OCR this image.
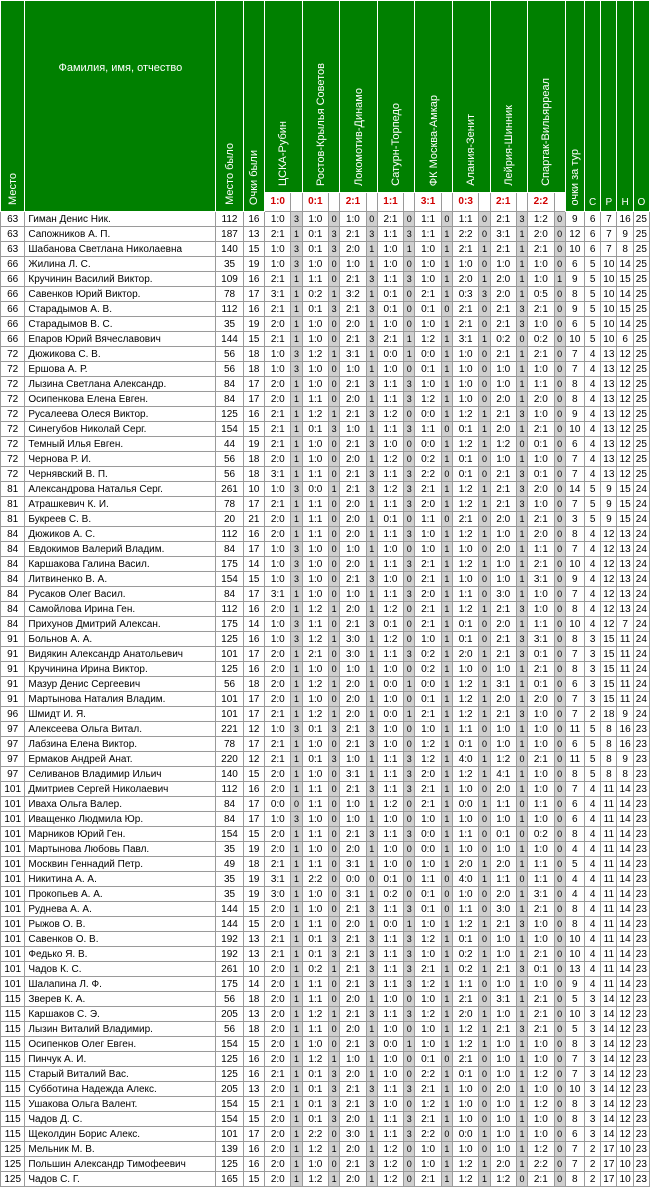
Место	Фамилия, имя, отчество	Место было	Очки были	ЦСКА-Рубин		Ростов-Крылья Советов		Локомотив-Динамо		Сатурн-Торпедо		ФК Москва-Амкар		Алания-Зенит		Лейрия-Шинник		Спартак-Вильярреал		очки за тур	С	Р	Н	О
				1:0		0:1		2:1		1:1		3:1		0:3		2:1		2:2						
63	Гиман Денис Ник.	112	16	1:0	3	1:0	0	1:0	0	2:1	0	1:1	0	1:1	0	2:1	3	1:2	0	9	6	7	16	25
63	Сапожников А. П.	187	13	2:1	1	0:1	3	2:1	3	1:1	3	1:1	1	2:2	0	3:1	1	2:0	0	12	6	7	9	25
63	Шабанова Светлана Николаевна	140	15	1:0	3	0:1	3	2:0	1	1:0	1	1:0	1	2:1	1	2:1	1	2:1	0	10	6	7	8	25
66	Жилина Л. С.	35	19	1:0	3	1:0	0	1:0	1	1:0	0	1:0	1	1:0	0	1:0	1	1:0	0	6	5	10	14	25
66	Кручинин Василий Виктор.	109	16	2:1	1	1:1	0	2:1	3	1:1	3	1:0	1	2:0	1	2:0	1	1:0	1	9	5	10	15	25
66	Савенков Юрий Виктор.	78	17	3:1	1	0:2	1	3:2	1	0:1	0	2:1	1	0:3	3	2:0	1	0:5	0	8	5	10	14	25
66	Старадымов А. В.	112	16	2:1	1	0:1	3	2:1	3	0:1	0	0:1	0	2:1	0	2:1	3	2:1	0	9	5	10	15	25
66	Старадымов В. С.	35	19	2:0	1	1:0	0	2:0	1	1:0	0	1:0	1	2:1	0	2:1	3	1:0	0	6	5	10	14	25
66	Епаров Юрий Вячеславович	144	15	2:1	1	1:0	0	2:1	3	2:1	1	1:2	1	3:1	1	0:2	0	0:2	0	10	5	10	6	25
72	Дюжикова С. В.	56	18	1:0	3	1:2	1	3:1	1	0:0	1	0:0	1	1:0	0	2:1	1	2:1	0	7	4	13	12	25
72	Ершова А. Р.	56	18	1:0	3	1:0	0	1:0	1	1:0	0	0:1	1	1:0	0	1:0	1	1:0	0	7	4	13	12	25
72	Лызина Светлана Александр.	84	17	2:0	1	1:0	0	2:1	3	1:1	3	1:0	1	1:0	0	1:0	1	1:1	0	8	4	13	12	25
72	Осипенкова Елена Евген.	84	17	2:0	1	1:1	0	2:0	1	1:1	3	1:2	1	1:0	0	2:0	1	2:0	0	8	4	13	12	25
72	Русалеева Олеся Виктор.	125	16	2:1	1	1:2	1	2:1	3	1:2	0	0:0	1	1:2	1	2:1	3	1:0	0	9	4	13	12	25
72	Синегубов Николай Серг.	154	15	2:1	1	0:1	3	1:0	1	1:1	3	1:1	0	0:1	1	2:0	1	2:1	0	10	4	13	12	25
72	Темный Илья Евген.	44	19	2:1	1	1:0	0	2:1	3	1:0	0	0:0	1	1:2	1	1:2	0	0:1	0	6	4	13	12	25
72	Чернова Р. И.	56	18	2:0	1	1:0	0	2:0	1	1:2	0	0:2	1	0:1	0	1:0	1	1:0	0	7	4	13	12	25
72	Чернявский В. П.	56	18	3:1	1	1:1	0	2:1	3	1:1	3	2:2	0	0:1	0	2:1	3	0:1	0	7	4	13	12	25
81	Александрова Наталья Серг.	261	10	1:0	3	0:0	1	2:1	3	1:2	3	2:1	1	1:2	1	2:1	3	2:0	0	14	5	9	15	24
81	Атрашкевич К. И.	78	17	2:1	1	1:1	0	2:0	1	1:1	3	2:0	1	1:2	1	2:1	3	1:0	0	7	5	9	15	24
81	Букреев С. В.	20	21	2:0	1	1:1	0	2:0	1	0:1	0	1:1	0	2:1	0	2:0	1	2:1	0	3	5	9	15	24
84	Дюжиков А. С.	112	16	2:0	1	1:1	0	2:0	1	1:1	3	1:0	1	1:2	1	1:0	1	2:0	0	8	4	12	13	24
84	Евдокимов Валерий Владим.	84	17	1:0	3	1:0	0	1:0	1	1:0	0	1:0	1	1:0	0	2:0	1	1:1	0	7	4	12	13	24
84	Каршакова Галина Васил.	175	14	1:0	3	1:0	0	2:0	1	1:1	3	2:1	1	1:2	1	1:0	1	2:1	0	10	4	12	13	24
84	Литвиненко В. А.	154	15	1:0	3	1:0	0	2:1	3	1:0	0	2:1	1	1:0	0	1:0	1	3:1	0	9	4	12	13	24
84	Русаков Олег Васил.	84	17	3:1	1	1:0	0	1:0	1	1:1	3	2:0	1	1:1	0	3:0	1	1:0	0	7	4	12	13	24
84	Самойлова Ирина Ген.	112	16	2:0	1	1:2	1	2:0	1	1:2	0	2:1	1	1:2	1	2:1	3	1:0	0	8	4	12	13	24
84	Прихунов Дмитрий Алексан.	175	14	1:0	3	1:1	0	2:1	3	0:1	0	2:1	1	0:1	0	2:0	1	1:1	0	10	4	12	7	24
91	Больнов А. А.	125	16	1:0	3	1:2	1	3:0	1	1:2	0	1:0	1	0:1	0	2:1	3	3:1	0	8	3	15	11	24
91	Видякин Александр Анатольевич	101	17	2:0	1	2:1	0	3:0	1	1:1	3	0:2	1	2:0	1	2:1	3	0:1	0	7	3	15	11	24
91	Кручинина Ирина Виктор.	125	16	2:0	1	1:0	0	1:0	1	1:0	0	0:2	1	1:0	0	1:0	1	2:1	0	8	3	15	11	24
91	Мазур Денис Сергеевич	56	18	2:0	1	1:2	1	2:0	1	0:0	1	0:0	1	1:2	1	3:1	1	0:1	0	6	3	15	11	24
91	Мартынова Наталия Владим.	101	17	2:0	1	1:0	0	2:0	1	1:0	0	0:1	1	1:2	1	2:0	1	2:0	0	7	3	15	11	24
96	Шмидт И. Я.	101	17	2:1	1	1:2	1	2:0	1	0:0	1	2:1	1	1:2	1	2:1	3	1:0	0	7	2	18	9	24
97	Алексеева Ольга Витал.	221	12	1:0	3	0:1	3	2:1	3	1:0	0	1:0	1	1:1	0	1:0	1	1:0	0	11	5	8	16	23
97	Лабзина Елена Виктор.	78	17	2:1	1	1:0	0	2:1	3	1:0	0	1:2	1	0:1	0	1:0	1	1:0	0	6	5	8	16	23
97	Ермаков Андрей Анат.	220	12	2:1	1	0:1	3	1:0	1	1:1	3	1:2	1	4:0	1	1:2	0	2:1	0	11	5	8	9	23
97	Селиванов Владимир Ильич	140	15	2:0	1	1:0	0	3:1	1	1:1	3	2:0	1	1:2	1	4:1	1	1:0	0	8	5	8	8	23
101	Дмитриев Сергей Николаевич	112	16	2:0	1	1:1	0	2:1	3	1:1	3	2:1	1	1:0	0	2:0	1	1:0	0	7	4	11	14	23
101	Иваха Ольга Валер.	84	17	0:0	0	1:1	0	1:0	1	1:2	0	2:1	1	0:0	1	1:1	0	1:1	0	6	4	11	14	23
101	Иващенко Людмила Юр.	84	17	1:0	3	1:0	0	1:0	1	1:0	0	1:0	1	1:0	0	1:0	1	1:0	0	6	4	11	14	23
101	Марников Юрий Ген.	154	15	2:0	1	1:1	0	2:1	3	1:1	3	0:0	1	1:1	0	0:1	0	0:2	0	8	4	11	14	23
101	Мартынова Любовь Павл.	35	19	2:0	1	1:0	0	2:0	1	1:0	0	0:0	1	1:0	0	1:0	1	1:0	0	4	4	11	14	23
101	Москвин Геннадий Петр.	49	18	2:1	1	1:1	0	3:1	1	1:0	0	1:0	1	2:0	1	2:0	1	1:1	0	5	4	11	14	23
101	Никитина А. А.	35	19	3:1	1	2:2	0	0:0	0	0:1	0	1:1	0	4:0	1	1:1	0	1:1	0	4	4	11	14	23
101	Прокопьев А. А.	35	19	3:0	1	1:0	0	3:1	1	0:2	0	0:1	0	1:0	0	2:0	1	3:1	0	4	4	11	14	23
101	Руднева А. А.	144	15	2:0	1	1:0	0	2:1	3	1:1	3	0:1	0	1:1	0	3:0	1	2:1	0	8	4	11	14	23
101	Рыжов О. В.	144	15	2:0	1	1:1	0	2:0	1	0:0	1	1:0	1	1:2	1	2:1	3	1:0	0	8	4	11	14	23
101	Савенков О. В.	192	13	2:1	1	0:1	3	2:1	3	1:1	3	1:2	1	0:1	0	1:0	1	1:0	0	10	4	11	14	23
101	Федько Я. В.	192	13	2:1	1	0:1	3	2:1	3	1:1	3	1:0	1	0:2	1	1:0	1	2:1	0	10	4	11	14	23
101	Чадов К. С.	261	10	2:0	1	0:2	1	2:1	3	1:1	3	2:1	1	0:2	1	2:1	3	0:1	0	13	4	11	14	23
101	Шалапина Л. Ф.	175	14	2:0	1	1:1	0	2:1	3	1:1	3	1:2	1	1:1	0	1:0	1	1:0	0	9	4	11	14	23
115	Зверев К. А.	56	18	2:0	1	1:1	0	2:0	1	1:0	0	1:0	1	2:1	0	3:1	1	2:1	0	5	3	14	12	23
115	Каршаков С. Э.	205	13	2:0	1	1:2	1	2:1	3	1:1	3	1:2	1	2:0	1	1:0	1	2:1	0	10	3	14	12	23
115	Лызин Виталий Владимир.	56	18	2:0	1	1:1	0	2:0	1	1:0	0	1:0	1	1:2	1	2:1	3	2:1	0	5	3	14	12	23
115	Осипенков Олег Евген.	154	15	2:0	1	1:0	0	2:1	3	0:0	1	1:0	1	1:2	1	1:0	1	1:0	0	8	3	14	12	23
115	Пинчук А. И.	125	16	2:0	1	1:2	1	1:0	1	1:0	0	0:1	0	2:1	0	1:0	1	1:0	0	7	3	14	12	23
115	Старый Виталий Вас.	125	16	2:1	1	0:1	3	2:0	1	1:0	0	2:2	1	0:1	0	1:0	1	1:2	0	7	3	14	12	23
115	Субботина Надежда Алекс.	205	13	2:0	1	0:1	3	2:1	3	1:1	3	2:1	1	1:0	0	2:0	1	1:0	0	10	3	14	12	23
115	Ушакова Ольга Валент.	154	15	2:1	1	0:1	3	2:1	3	1:0	0	1:2	1	1:0	0	1:0	1	1:2	0	8	3	14	12	23
115	Чадов Д. С.	154	15	2:0	1	0:1	3	2:0	1	1:1	3	2:1	1	1:0	0	1:0	1	1:0	0	8	3	14	12	23
115	Щеколдин Борис Алекс.	101	17	2:0	1	2:2	0	3:0	1	1:1	3	2:2	0	0:0	1	1:0	1	1:0	0	6	3	14	12	23
125	Мельник М. В.	139	16	2:0	1	1:2	1	2:0	1	1:2	0	1:0	1	1:0	0	1:0	1	1:2	0	7	2	17	10	23
125	Польшин Александр Тимофеевич	125	16	2:0	1	1:0	0	2:1	3	1:2	0	1:0	1	1:2	1	2:0	1	2:2	0	7	2	17	10	23
125	Чадов С. Г.	165	15	2:0	1	1:2	1	2:0	1	1:2	0	2:1	1	1:2	1	1:2	0	2:1	0	8	2	17	10	23
